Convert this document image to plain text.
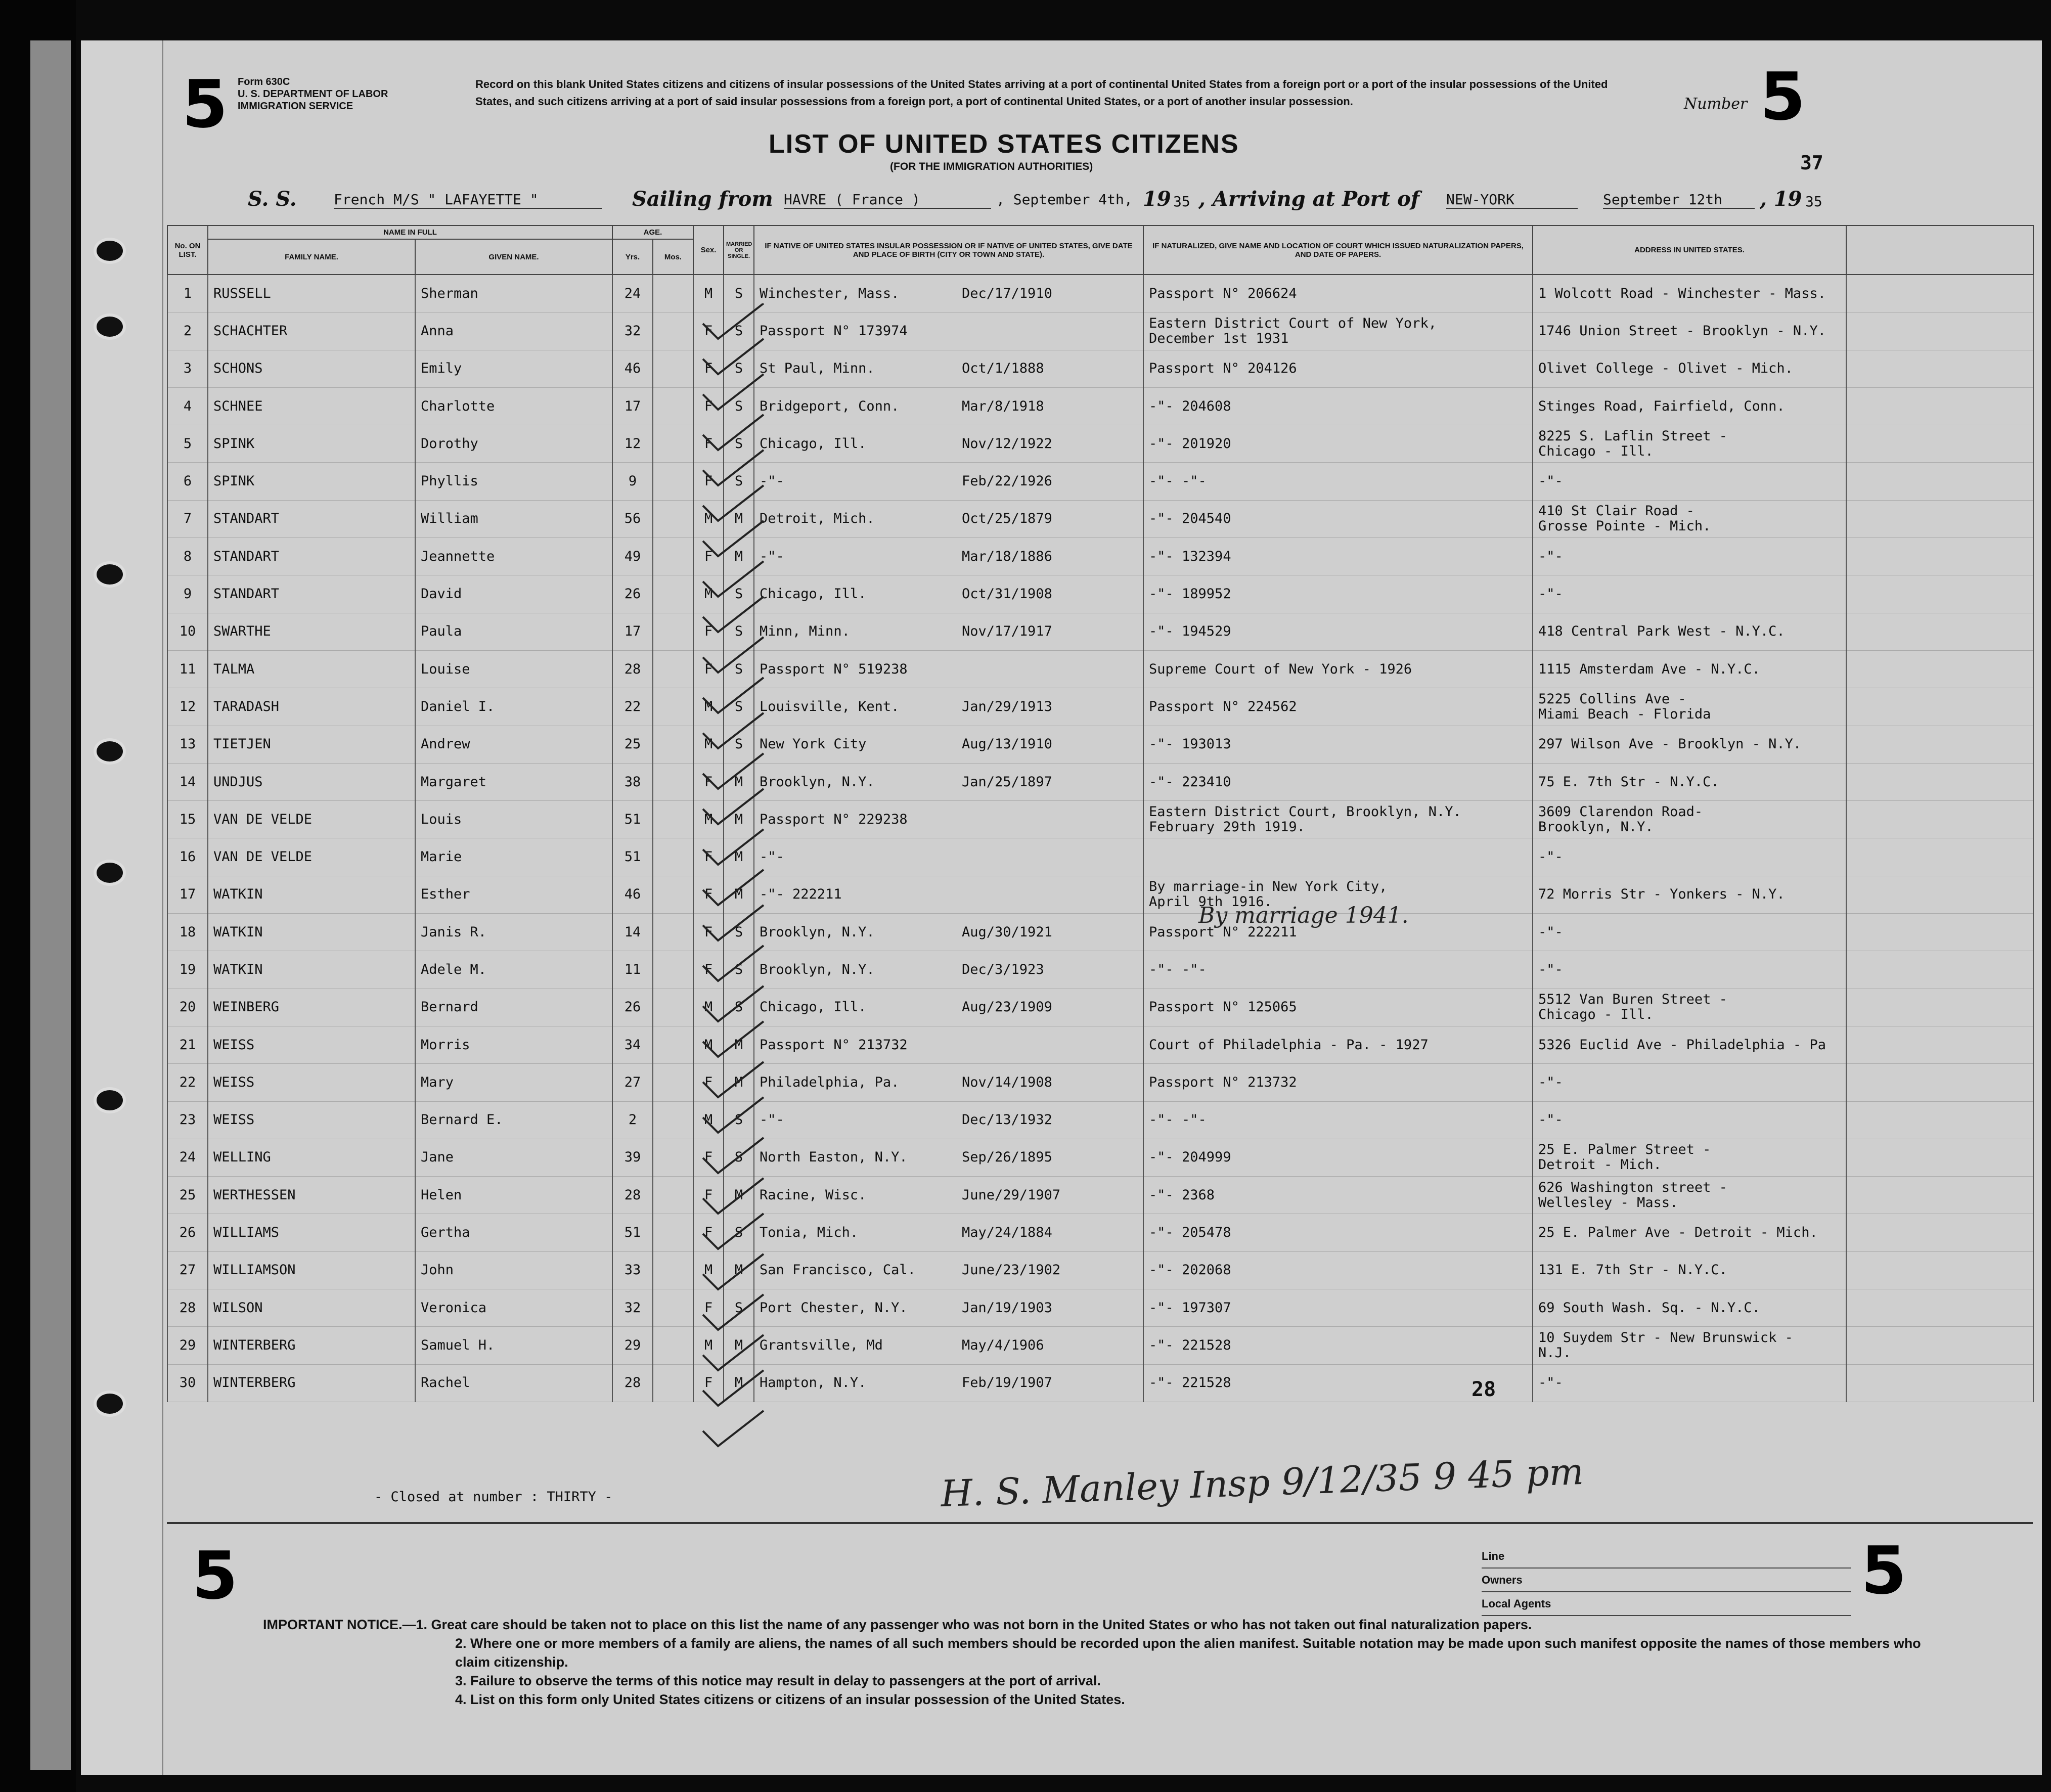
5 Form 630C
U. S. DEPARTMENT OF LABOR
IMMIGRATION SERVICE
Record on this blank United States citizens and citizens of insular possessions of the United States arriving at a port of continental United States from a foreign port or a port of the insular possessions of the United States, and such citizens arriving at a port of said insular possessions from a foreign port, a port of continental United States, or a port of another insular possession.	Number 5
LIST OF UNITED STATES CITIZENS
(FOR THE IMMIGRATION AUTHORITIES)	37
S. S.	French M/S " LAFAYETTE "	Sailing from HAVRE ( France )	, September 4th, 19 35 , Arriving at Port of NEW-YORK	September 12th	, 19 35
No. ON LIST.	NAME IN FULL		AGE.		Sex.	MARRIED OR SINGLE.	IF NATIVE OF UNITED STATES INSULAR POSSESSION OR IF NATIVE OF UNITED STATES, GIVE DATE AND PLACE OF BIRTH (CITY OR TOWN AND STATE).	IF NATURALIZED, GIVE NAME AND LOCATION OF COURT WHICH ISSUED NATURALIZATION PAPERS, AND DATE OF PAPERS.	ADDRESS IN UNITED STATES.	
	FAMILY NAME.	GIVEN NAME.	Yrs.	Mos.						
1	RUSSELL	Sherman	24		M	S	Winchester, Mass. Dec/17/1910	Passport N° 206624	1 Wolcott Road - Winchester - Mass.	
2	SCHACHTER	Anna	32		F	S	Passport N° 173974	Eastern District Court of New York,
December 1st 1931	1746 Union Street - Brooklyn - N.Y.	
3	SCHONS	Emily	46		F	S	St Paul, Minn. Oct/1/1888	Passport N° 204126	Olivet College - Olivet - Mich.	
4	SCHNEE	Charlotte	17		F	S	Bridgeport, Conn. Mar/8/1918	-"- 204608	Stinges Road, Fairfield, Conn.	
5	SPINK	Dorothy	12		F	S	Chicago, Ill. Nov/12/1922	-"- 201920	8225 S. Laflin Street -
Chicago - Ill.	
6	SPINK	Phyllis	9		F	S	-"- Feb/22/1926	-"- -"-	-"-	
7	STANDART	William	56		M	M	Detroit, Mich. Oct/25/1879	-"- 204540	410 St Clair Road -
Grosse Pointe - Mich.	
8	STANDART	Jeannette	49		F	M	-"- Mar/18/1886	-"- 132394	-"-	
9	STANDART	David	26		M	S	Chicago, Ill. Oct/31/1908	-"- 189952	-"-	
10	SWARTHE	Paula	17		F	S	Minn, Minn. Nov/17/1917	-"- 194529	418 Central Park West - N.Y.C.	
11	TALMA	Louise	28		F	S	Passport N° 519238	Supreme Court of New York - 1926	1115 Amsterdam Ave - N.Y.C.	
12	TARADASH	Daniel I.	22		M	S	Louisville, Kent. Jan/29/1913	Passport N° 224562	5225 Collins Ave -
Miami Beach - Florida	
13	TIETJEN	Andrew	25		M	S	New York City Aug/13/1910	-"- 193013	297 Wilson Ave - Brooklyn - N.Y.	
14	UNDJUS	Margaret	38		F	M	Brooklyn, N.Y. Jan/25/1897	-"- 223410	75 E. 7th Str - N.Y.C.	
15	VAN DE VELDE	Louis	51		M	M	Passport N° 229238	Eastern District Court, Brooklyn, N.Y.
February 29th 1919.	3609 Clarendon Road-
Brooklyn, N.Y.	
16	VAN DE VELDE	Marie	51		F	M	-"-		-"-	
17	WATKIN	Esther	46		F	M	-"- 222211	By marriage-in New York City,
April 9th 1916.	72 Morris Str - Yonkers - N.Y.	
18	WATKIN	Janis R.	14		F	S	Brooklyn, N.Y. Aug/30/1921	Passport N° 222211	-"-	
19	WATKIN	Adele M.	11		F	S	Brooklyn, N.Y. Dec/3/1923	-"- -"-	-"-	
20	WEINBERG	Bernard	26		M	S	Chicago, Ill. Aug/23/1909	Passport N° 125065	5512 Van Buren Street -
Chicago - Ill.	
21	WEISS	Morris	34		M	M	Passport N° 213732	Court of Philadelphia - Pa. - 1927	5326 Euclid Ave - Philadelphia - Pa	
22	WEISS	Mary	27		F	M	Philadelphia, Pa. Nov/14/1908	Passport N° 213732	-"-	
23	WEISS	Bernard E.	2		M	S	-"- Dec/13/1932	-"- -"-	-"-	
24	WELLING	Jane	39		F	S	North Easton, N.Y. Sep/26/1895	-"- 204999	25 E. Palmer Street -
Detroit - Mich.	
25	WERTHESSEN	Helen	28		F	M	Racine, Wisc. June/29/1907	-"- 2368	626 Washington street -
Wellesley - Mass.	
26	WILLIAMS	Gertha	51		F	S	Tonia, Mich. May/24/1884	-"- 205478	25 E. Palmer Ave - Detroit - Mich.	
27	WILLIAMSON	John	33		M	M	San Francisco, Cal. June/23/1902	-"- 202068	131 E. 7th Str - N.Y.C.	
28	WILSON	Veronica	32		F	S	Port Chester, N.Y. Jan/19/1903	-"- 197307	69 South Wash. Sq. - N.Y.C.	
29	WINTERBERG	Samuel H.	29		M	M	Grantsville, Md May/4/1906	-"- 221528	10 Suydem Str - New Brunswick -
N.J.	
30	WINTERBERG	Rachel	28		F	M	Hampton, N.Y. Feb/19/1907	-"- 221528	-"-	
By marriage 1941.
28
- Closed at number : THIRTY -	H. S. Manley Insp 9/12/35 9 45 pm
5	5
Line
Owners
Local Agents
IMPORTANT NOTICE.—1. Great care should be taken not to place on this list the name of any passenger who was not born in the United States or who has not taken out final naturalization papers.
2. Where one or more members of a family are aliens, the names of all such members should be recorded upon the alien manifest. Suitable notation may be made upon such manifest opposite the names of those members who claim citizenship.
3. Failure to observe the terms of this notice may result in delay to passengers at the port of arrival.
4. List on this form only United States citizens or citizens of an insular possession of the United States.
